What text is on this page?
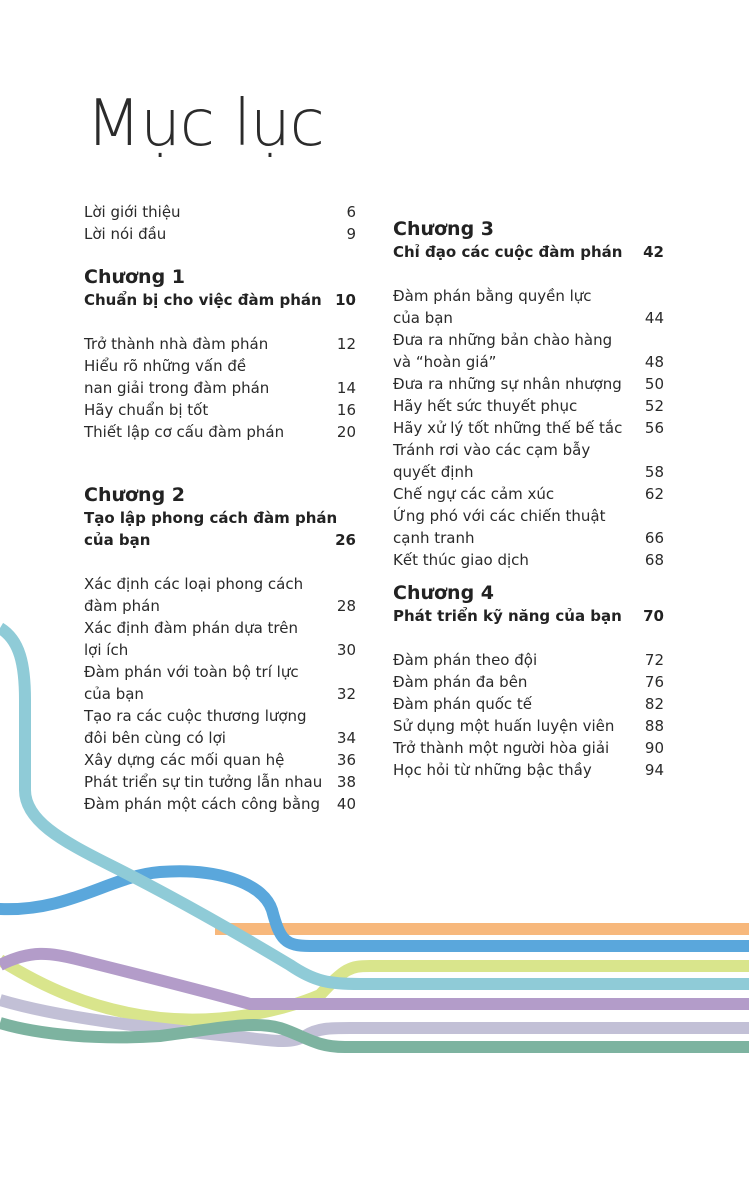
Mục lục
Lời giới thiệu	6
Lời nói đầu	9
Chương 1
Chuẩn bị cho việc đàm phán 10
Trở thành nhà đàm phán	12
Hiểu rõ những vấn đề
nan giải trong đàm phán	14
Hãy chuẩn bị tốt	16
Thiết lập cơ cấu đàm phán	20
Chương 2
Tạo lập phong cách đàm phán
của bạn	26
Xác định các loại phong cách
đàm phán	28
Xác định đàm phán dựa trên
lợi ích	30
Đàm phán với toàn bộ trí lực
của bạn	32
Tạo ra các cuộc thương lượng
đôi bên cùng có lợi	34
Xây dựng các mối quan hệ	36
Phát triển sự tin tưởng lẫn nhau 38
Đàm phán một cách công bằng	40
Chương 3
Chỉ đạo các cuộc đàm phán	42
Đàm phán bằng quyền lực
của bạn	44
Đưa ra những bản chào hàng
và “hoàn giá”	48
Đưa ra những sự nhân nhượng	50
Hãy hết sức thuyết phục	52
Hãy xử lý tốt những thế bế tắc	56
Tránh rơi vào các cạm bẫy
quyết định	58
Chế ngự các cảm xúc	62
Ứng phó với các chiến thuật
cạnh tranh	66
Kết thúc giao dịch	68
Chương 4
Phát triển kỹ năng của bạn	70
Đàm phán theo đội	72
Đàm phán đa bên	76
Đàm phán quốc tế	82
Sử dụng một huấn luyện viên	88
Trở thành một người hòa giải	90
Học hỏi từ những bậc thầy	94
